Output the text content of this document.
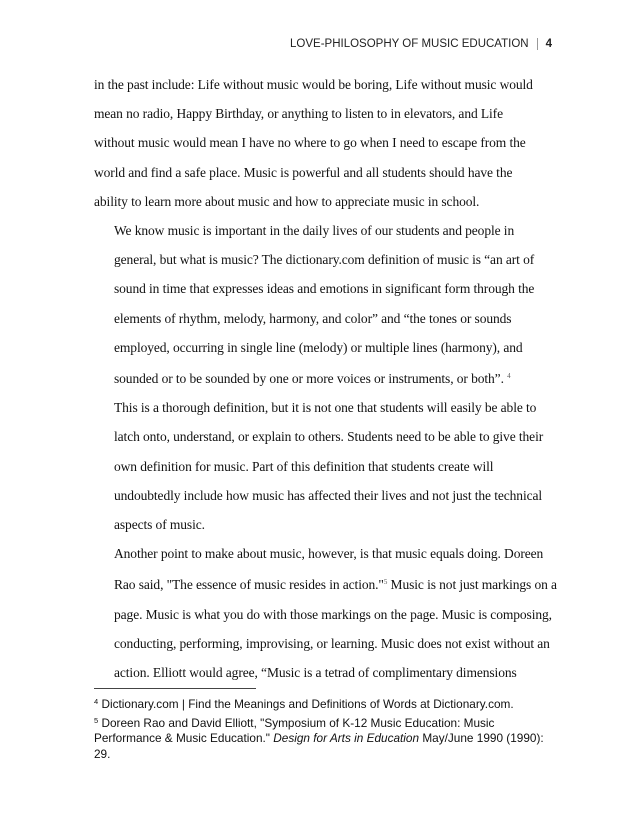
LOVE-PHILOSOPHY OF MUSIC EDUCATION	4

in the past include: Life without music would be boring, Life without music would
mean no radio, Happy Birthday, or anything to listen to in elevators, and Life
without music would mean I have no where to go when I need to escape from the
world and find a safe place. Music is powerful and all students should have the
ability to learn more about music and how to appreciate music in school.

We know music is important in the daily lives of our students and people in
general, but what is music? The dictionary.com definition of music is “an art of
sound in time that expresses ideas and emotions in significant form through the
elements of rhythm, melody, harmony, and color” and “the tones or sounds
employed, occurring in single line (melody) or multiple lines (harmony), and
sounded or to be sounded by one or more voices or instruments, or both”. $^4$

This is a thorough definition, but it is not one that students will easily be able to
latch onto, understand, or explain to others. Students need to be able to give their
own definition for music. Part of this definition that students create will
undoubtedly include how music has affected their lives and not just the technical
aspects of music.

Another point to make about music, however, is that music equals doing. Doreen
Rao said, "The essence of music resides in action."$^5$ Music is not just markings on a
page. Music is what you do with those markings on the page. Music is composing,
conducting, performing, improvising, or learning. Music does not exist without an
action. Elliott would agree, “Music is a tetrad of complimentary dimensions

$^4$ Dictionary.com | Find the Meanings and Definitions of Words at Dictionary.com.
$^5$ Doreen Rao and David Elliott, "Symposium of K-12 Music Education: Music Performance & Music Education." Design for Arts in Education May/June 1990 (1990): 29.
